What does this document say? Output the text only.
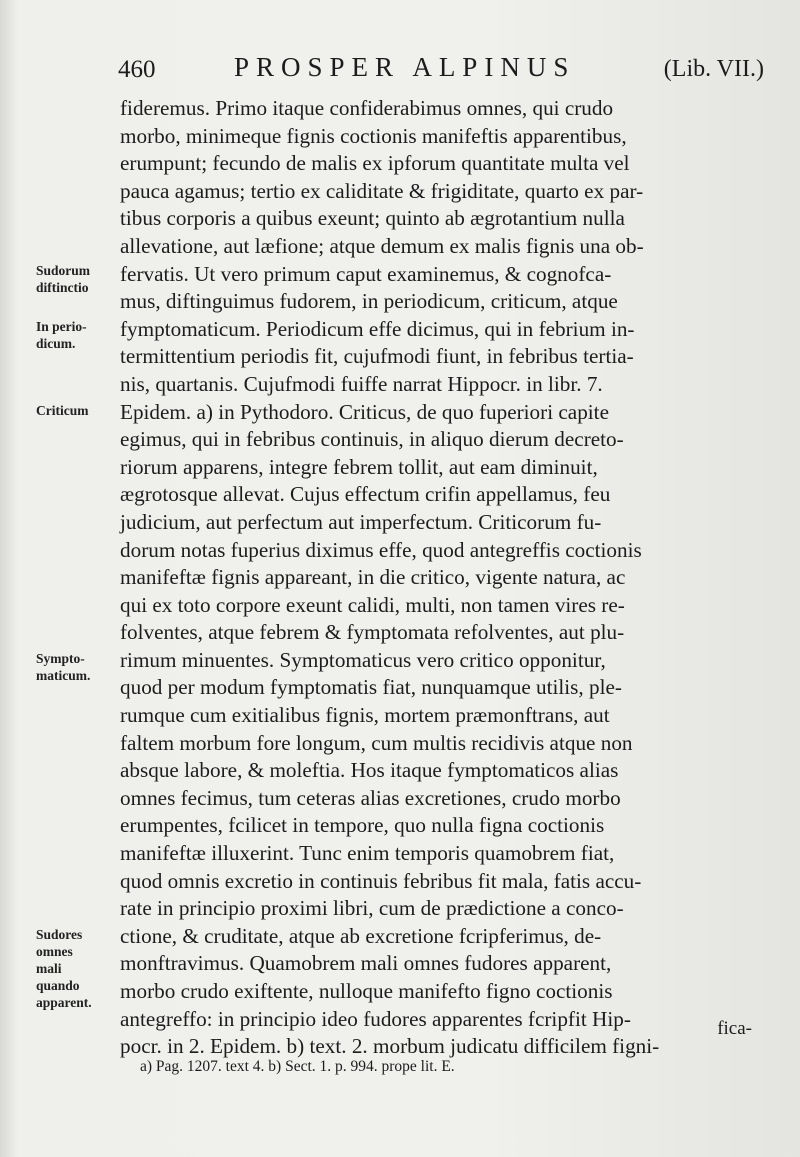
460	PROSPER ALPINUS	(Lib. VII.)
fideremus. Primo itaque confiderabimus omnes, qui crudo
morbo, minimeque fignis coctionis manifeftis apparentibus,
erumpunt; fecundo de malis ex ipforum quantitate multa vel
pauca agamus; tertio ex caliditate & frigiditate, quarto ex par-
tibus corporis a quibus exeunt; quinto ab ægrotantium nulla
allevatione, aut læfione; atque demum ex malis fignis una ob-
fervatis. Ut vero primum caput examinemus, & cognofca-
mus, diftinguimus fudorem, in periodicum, criticum, atque
fymptomaticum. Periodicum effe dicimus, qui in febrium in-
termittentium periodis fit, cujufmodi fiunt, in febribus tertia-
nis, quartanis. Cujufmodi fuiffe narrat Hippocr. in libr. 7.
Epidem. a) in Pythodoro. Criticus, de quo fuperiori capite
egimus, qui in febribus continuis, in aliquo dierum decreto-
riorum apparens, integre febrem tollit, aut eam diminuit,
ægrotosque allevat. Cujus effectum crifin appellamus, feu
judicium, aut perfectum aut imperfectum. Criticorum fu-
dorum notas fuperius diximus effe, quod antegreffis coctionis
manifeftæ fignis appareant, in die critico, vigente natura, ac
qui ex toto corpore exeunt calidi, multi, non tamen vires re-
folventes, atque febrem & fymptomata refolventes, aut plu-
rimum minuentes. Symptomaticus vero critico opponitur,
quod per modum fymptomatis fiat, nunquamque utilis, ple-
rumque cum exitialibus fignis, mortem præmonftrans, aut
faltem morbum fore longum, cum multis recidivis atque non
absque labore, & moleftia. Hos itaque fymptomaticos alias
omnes fecimus, tum ceteras alias excretiones, crudo morbo
erumpentes, fcilicet in tempore, quo nulla figna coctionis
manifeftæ illuxerint. Tunc enim temporis quamobrem fiat,
quod omnis excretio in continuis febribus fit mala, fatis accu-
rate in principio proximi libri, cum de prædictione a conco-
ctione, & cruditate, atque ab excretione fcripferimus, de-
monftravimus. Quamobrem mali omnes fudores apparent,
morbo crudo exiftente, nulloque manifefto figno coctionis
antegreffo: in principio ideo fudores apparentes fcripfit Hip-
pocr. in 2. Epidem. b) text. 2. morbum judicatu difficilem figni-
fica-
Sudorum
diftinctio
In perio-
dicum.
Criticum
Sympto-
maticum.
Sudores
omnes
mali
quando
apparent.
a) Pag. 1207. text 4. b) Sect. 1. p. 994. prope lit. E.
